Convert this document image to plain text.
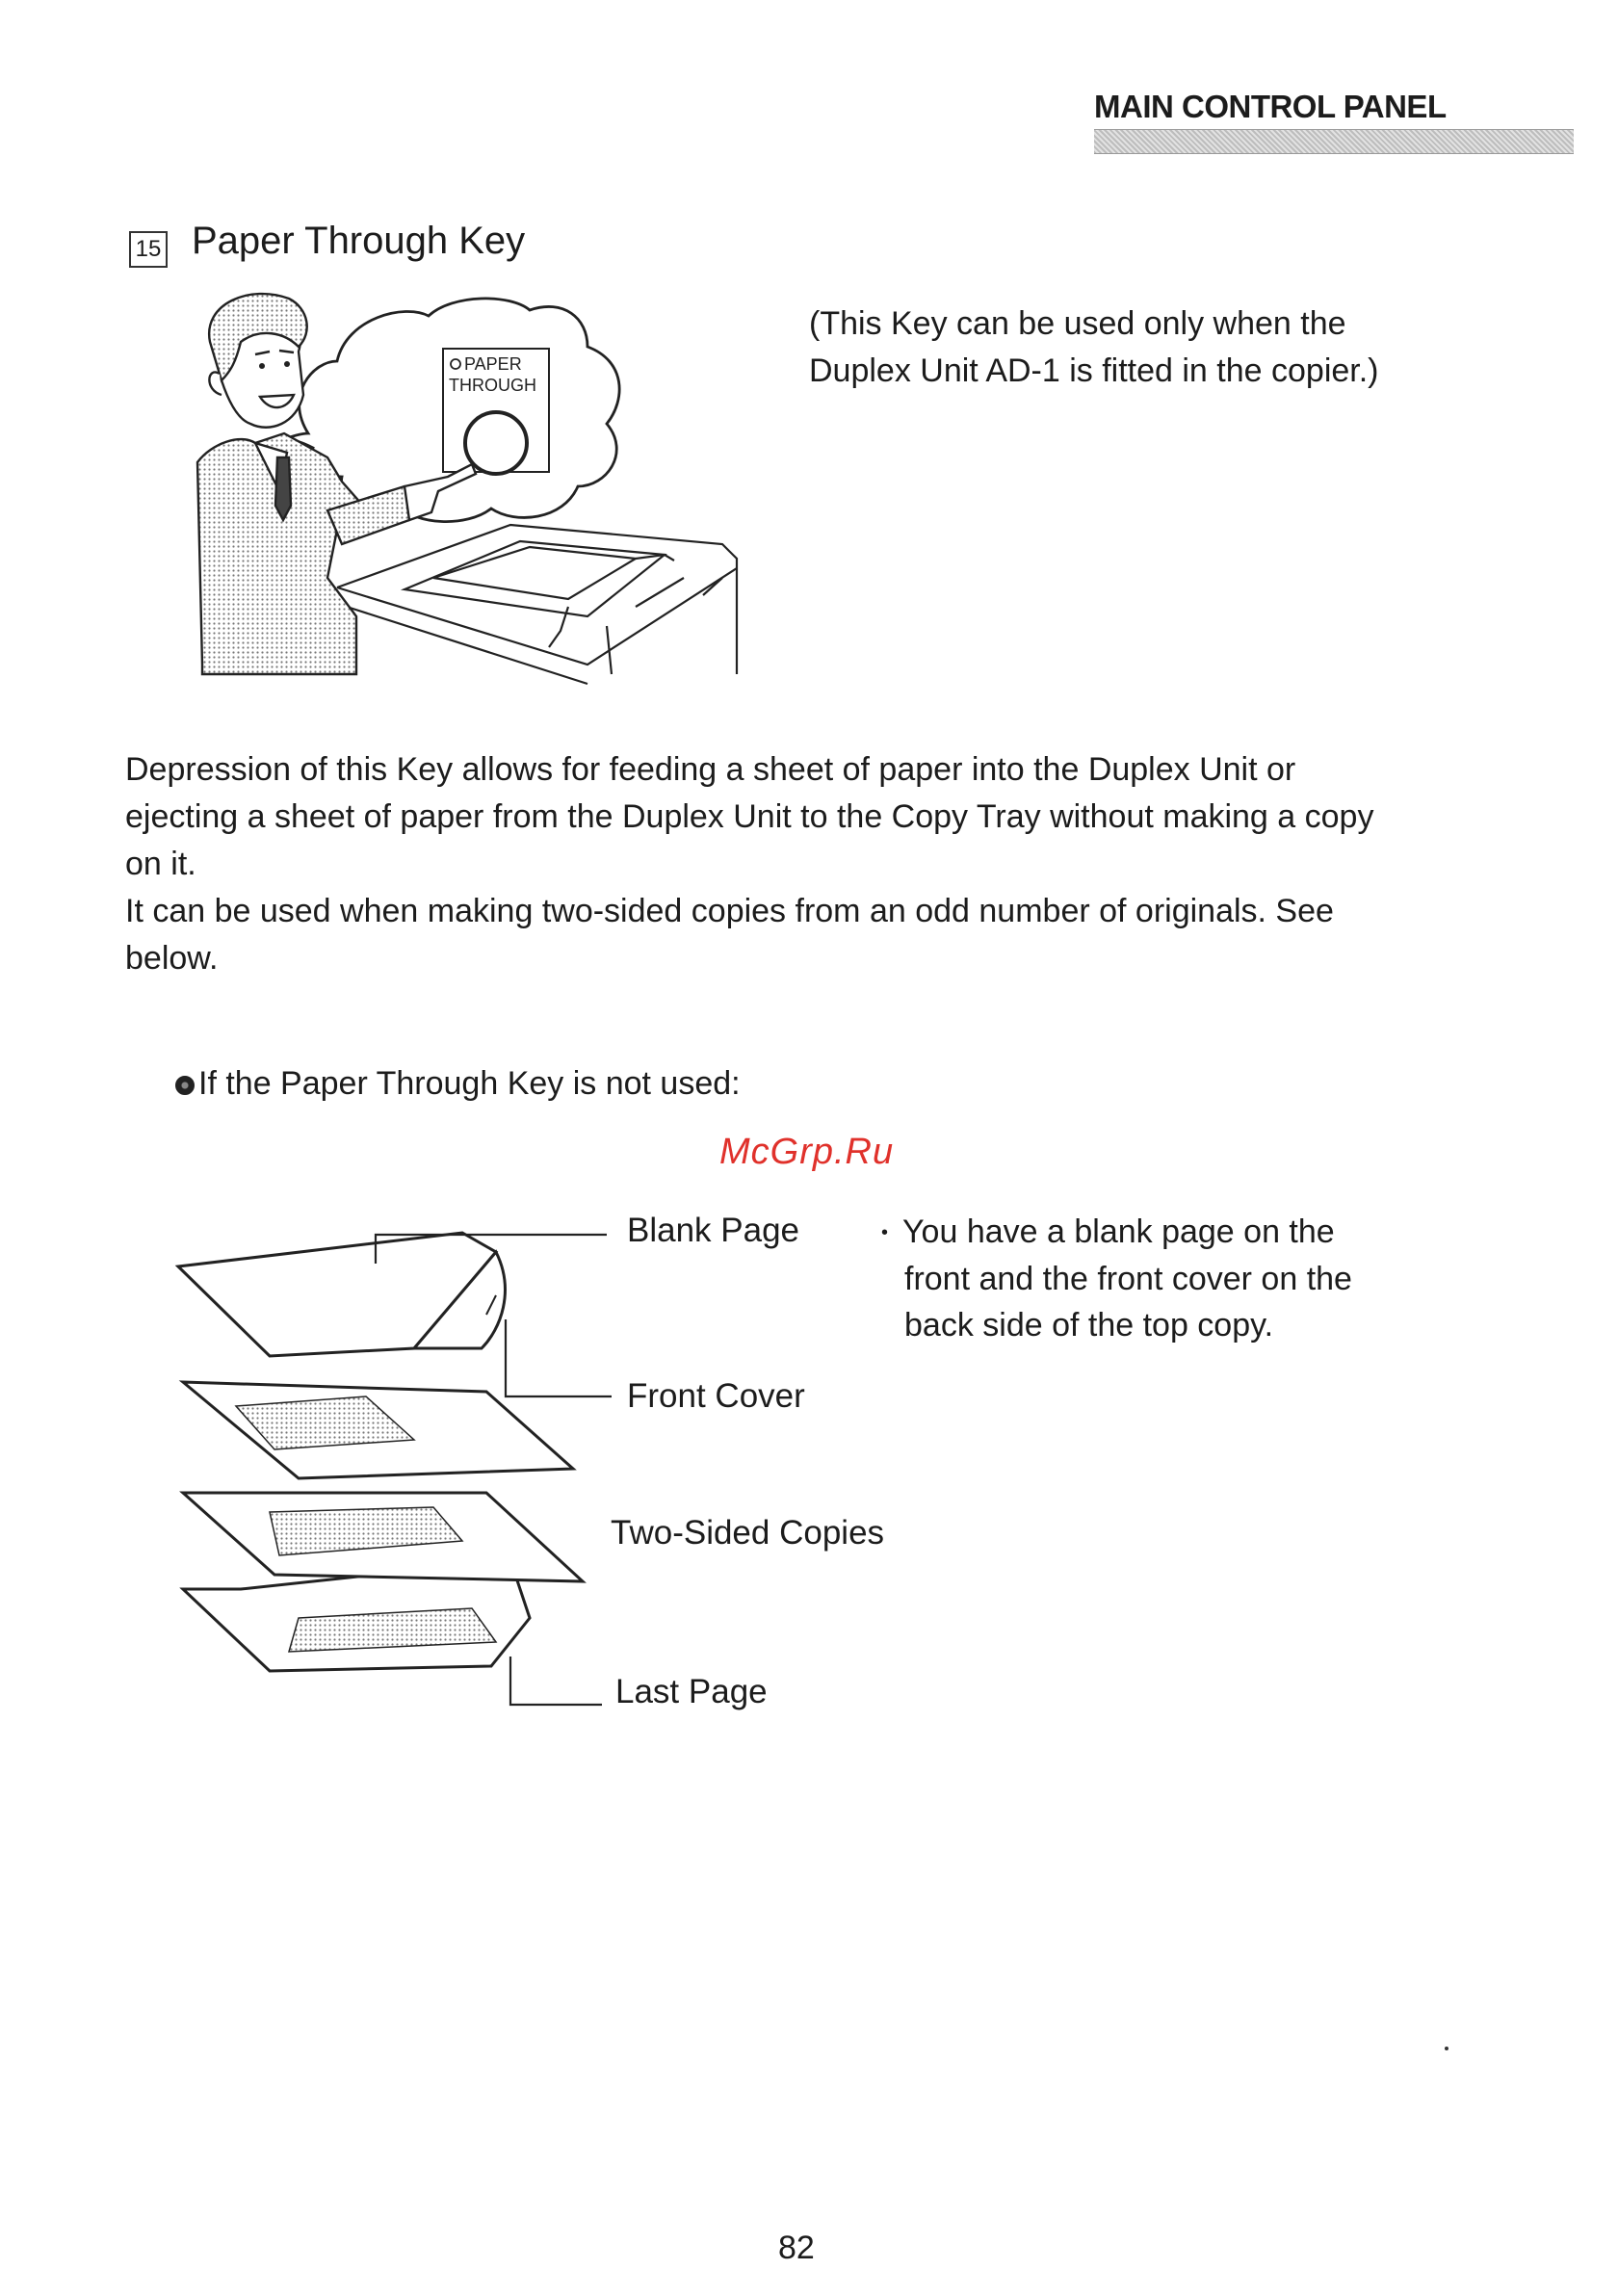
MAIN CONTROL PANEL
15 Paper Through Key
PAPER
THROUGH
(This Key can be used only when the Duplex Unit AD-1 is fitted in the copier.)

Depression of this Key allows for feeding a sheet of paper into the Duplex Unit or ejecting a sheet of paper from the Duplex Unit to the Copy Tray without making a copy on it.

It can be used when making two-sided copies from an odd number of originals. See below.

If the Paper Through Key is not used:
McGrp.Ru
Blank Page
Front Cover
Two-Sided Copies
Last Page
• You have a blank page on the
front and the front cover on the
back side of the top copy.
82
